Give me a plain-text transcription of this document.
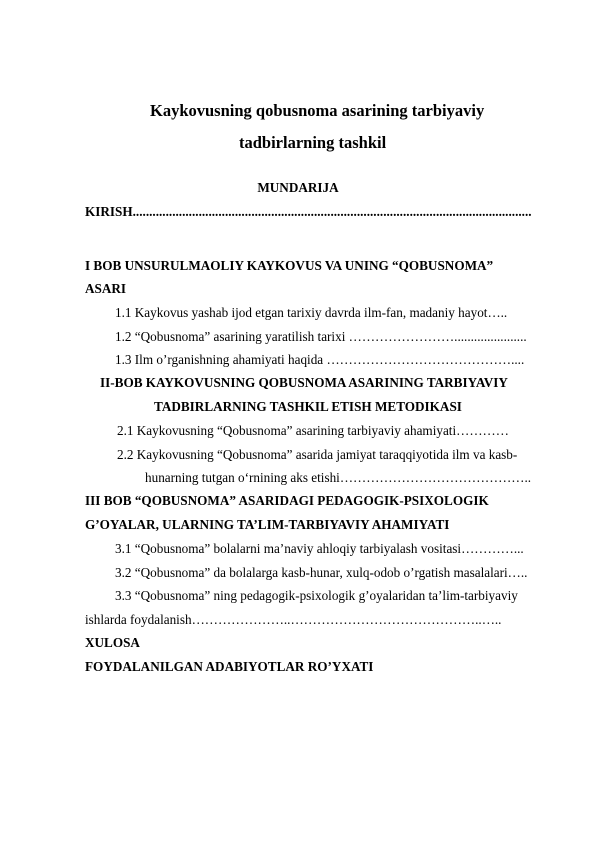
Kaykovusning qobusnoma asarining tarbiyaviy
tadbirlarning tashkil
MUNDARIJA
KIRISH.........................................................................................................................
I BOB UNSURULMAOLIY KAYKOVUS VA UNING “QOBUSNOMA”
ASARI
1.1 Kaykovus yashab ijod etgan tarixiy davrda ilm-fan, madaniy hayot…..
1.2 “Qobusnoma” asarining yaratilish tarixi ……………………......................
1.3 Ilm o’rganishning ahamiyati haqida ……………………………………....
II-BOB KAYKOVUSNING QOBUSNOMA ASARINING TARBIYAVIY
TADBIRLARNING TASHKIL ETISH METODIKASI
2.1 Kaykovusning “Qobusnoma” asarining tarbiyaviy ahamiyati…………
2.2 Kaykovusning “Qobusnoma” asarida jamiyat taraqqiyotida ilm va kasb-
hunarning tutgan o‘rnining aks etishi……………………………………..
III BOB “QOBUSNOMA” ASARIDAGI PEDAGOGIK-PSIXOLOGIK
G’OYALAR, ULARNING TA’LIM-TARBIYAVIY AHAMIYATI
3.1 “Qobusnoma” bolalarni ma’naviy ahloqiy tarbiyalash vositasi…………...
3.2 “Qobusnoma” da bolalarga kasb-hunar, xulq-odob o’rgatish masalalari…..
3.3 “Qobusnoma” ning pedagogik-psixologik g’oyalaridan ta’lim-tarbiyaviy
ishlarda foydalanish…………………..……………………………………..…..
XULOSA
FOYDALANILGAN ADABIYOTLAR RO’YXATI
